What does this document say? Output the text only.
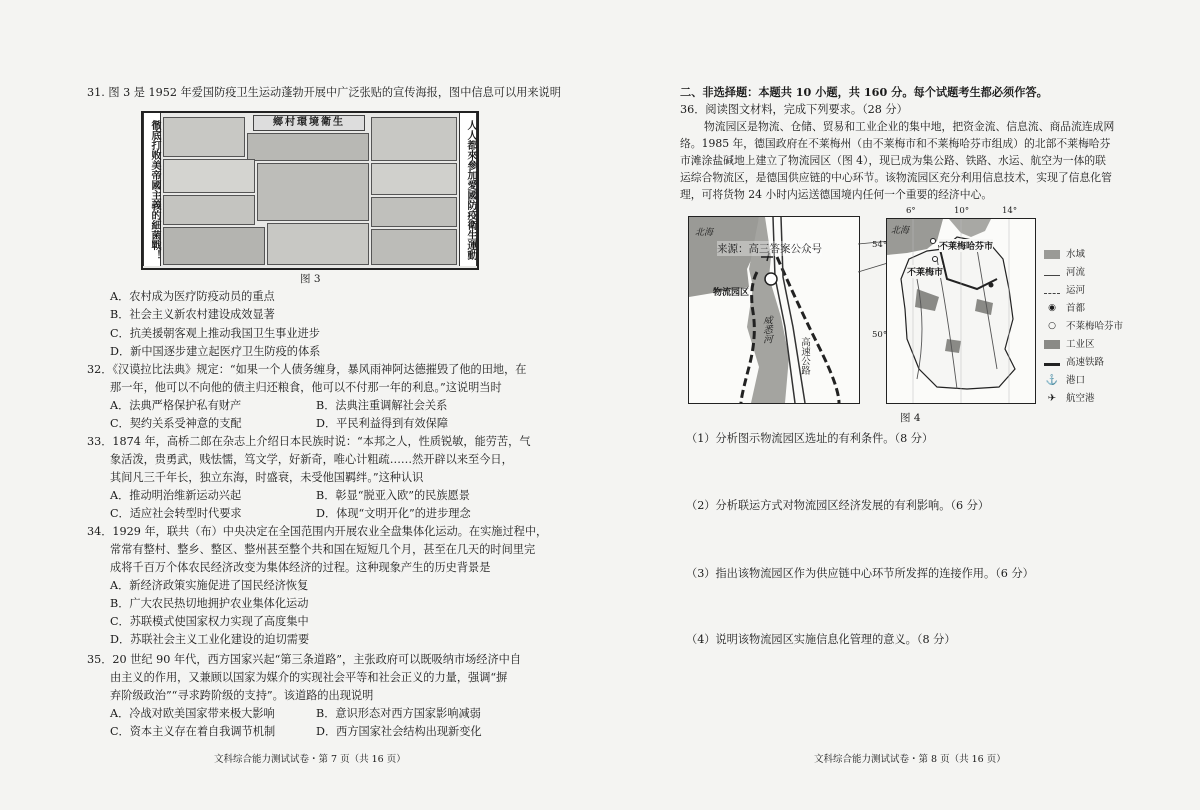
31. 图 3 是 1952 年爱国防疫卫生运动蓬勃开展中广泛张贴的宣传海报，图中信息可以用来说明
徹底打败美帝國主義的細菌戰！	人人都來參加愛國防疫衛生運動
鄉村環境衛生
图 3
A．农村成为医疗防疫动员的重点
B．社会主义新农村建设成效显著
C．抗美援朝客观上推动我国卫生事业进步
D．新中国逐步建立起医疗卫生防疫的体系
32．《汉谟拉比法典》规定：“如果一个人债务缠身，暴风雨神阿达德摧毁了他的田地，在
那一年，他可以不向他的债主归还粮食，他可以不付那一年的利息。”这说明当时
A．法典严格保护私有财产	B．法典注重调解社会关系
C．契约关系受神意的支配	D．平民利益得到有效保障
33．1874 年，高桥二郎在杂志上介绍日本民族时说：“本邦之人，性质锐敏，能劳苦，气
象活泼，贵勇武，贱怯懦，笃文学，好新奇，唯心计粗疏……然开辟以来至今日，
其间凡三千年长，独立东海，时盛衰，未受他国羁绊。”这种认识
A．推动明治维新运动兴起	B．彰显“脱亚入欧”的民族愿景
C．适应社会转型时代要求	D．体现“文明开化”的进步理念
34．1929 年，联共（布）中央决定在全国范围内开展农业全盘集体化运动。在实施过程中，
常常有整村、整乡、整区、整州甚至整个共和国在短短几个月，甚至在几天的时间里完
成将千百万个体农民经济改变为集体经济的过程。这种现象产生的历史背景是
A．新经济政策实施促进了国民经济恢复
B．广大农民热切地拥护农业集体化运动
C．苏联模式使国家权力实现了高度集中
D．苏联社会主义工业化建设的迫切需要
35．20 世纪 90 年代，西方国家兴起“第三条道路”，主张政府可以既吸纳市场经济中自
由主义的作用，又兼顾以国家为媒介的实现社会平等和社会正义的力量，强调“摒
弃阶级政治”“寻求跨阶级的支持”。该道路的出现说明
A．冷战对欧美国家带来极大影响	B．意识形态对西方国家影响减弱
C．资本主义存在着自我调节机制	D．西方国家社会结构出现新变化
文科综合能力测试试卷・第 7 页（共 16 页）
二、非选择题：本题共 10 小题，共 160 分。每个试题考生都必须作答。
36．阅读图文材料，完成下列要求。（28 分）
物流园区是物流、仓储、贸易和工业企业的集中地，把资金流、信息流、商品流连成网
络。1985 年，德国政府在不莱梅州（由不莱梅市和不莱梅哈芬市组成）的北部不莱梅哈芬
市滩涂盐碱地上建立了物流园区（图 4），现已成为集公路、铁路、水运、航空为一体的联
运综合物流区，是德国供应链的中心环节。该物流园区充分利用信息技术，实现了信息化管
理，可将货物 24 小时内运送德国境内任何一个重要的经济中心。
北海
来源：高三答案公众号
物流园区
威悉河
高速公路
北海
不莱梅哈芬市
不莱梅市
6°	10°	14°
54°
50°
水域
河流
运河
◉ 首都
○ 不莱梅哈芬市
工业区
高速铁路
⚓ 港口
✈ 航空港
图 4
（1）分析图示物流园区选址的有利条件。（8 分）
（2）分析联运方式对物流园区经济发展的有利影响。（6 分）
（3）指出该物流园区作为供应链中心环节所发挥的连接作用。（6 分）
（4）说明该物流园区实施信息化管理的意义。（8 分）
文科综合能力测试试卷・第 8 页（共 16 页）
